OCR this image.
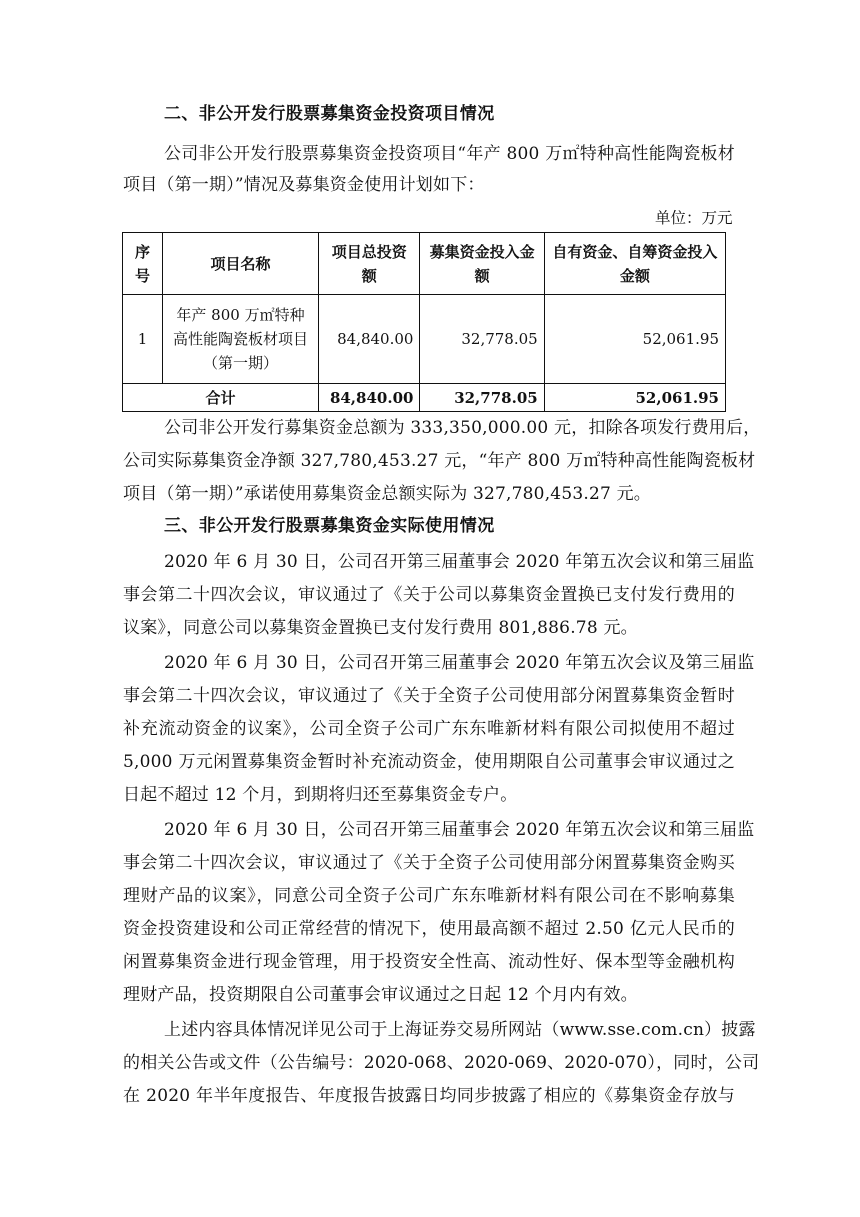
二、非公开发行股票募集资金投资项目情况
公司非公开发行股票募集资金投资项目“年产 800 万㎡特种高性能陶瓷板材
项目（第一期）”情况及募集资金使用计划如下：
单位：万元
序号	项目名称	项目总投资额	募集资金投入金额	自有资金、自筹资金投入金额
1	年产 800 万㎡特种高性能陶瓷板材项目（第一期）	84,840.00	32,778.05	52,061.95
合计		84,840.00	32,778.05	52,061.95
公司非公开发行募集资金总额为 333,350,000.00 元，扣除各项发行费用后，
公司实际募集资金净额 327,780,453.27 元，“年产 800 万㎡特种高性能陶瓷板材
项目（第一期）”承诺使用募集资金总额实际为 327,780,453.27 元。
三、非公开发行股票募集资金实际使用情况
2020 年 6 月 30 日，公司召开第三届董事会 2020 年第五次会议和第三届监
事会第二十四次会议，审议通过了《关于公司以募集资金置换已支付发行费用的
议案》，同意公司以募集资金置换已支付发行费用 801,886.78 元。
2020 年 6 月 30 日，公司召开第三届董事会 2020 年第五次会议及第三届监
事会第二十四次会议，审议通过了《关于全资子公司使用部分闲置募集资金暂时
补充流动资金的议案》，公司全资子公司广东东唯新材料有限公司拟使用不超过
5,000 万元闲置募集资金暂时补充流动资金，使用期限自公司董事会审议通过之
日起不超过 12 个月，到期将归还至募集资金专户。
2020 年 6 月 30 日，公司召开第三届董事会 2020 年第五次会议和第三届监
事会第二十四次会议，审议通过了《关于全资子公司使用部分闲置募集资金购买
理财产品的议案》，同意公司全资子公司广东东唯新材料有限公司在不影响募集
资金投资建设和公司正常经营的情况下，使用最高额不超过 2.50 亿元人民币的
闲置募集资金进行现金管理，用于投资安全性高、流动性好、保本型等金融机构
理财产品，投资期限自公司董事会审议通过之日起 12 个月内有效。
上述内容具体情况详见公司于上海证券交易所网站（www.sse.com.cn）披露
的相关公告或文件（公告编号：2020-068、2020-069、2020-070），同时，公司
在 2020 年半年度报告、年度报告披露日均同步披露了相应的《募集资金存放与
